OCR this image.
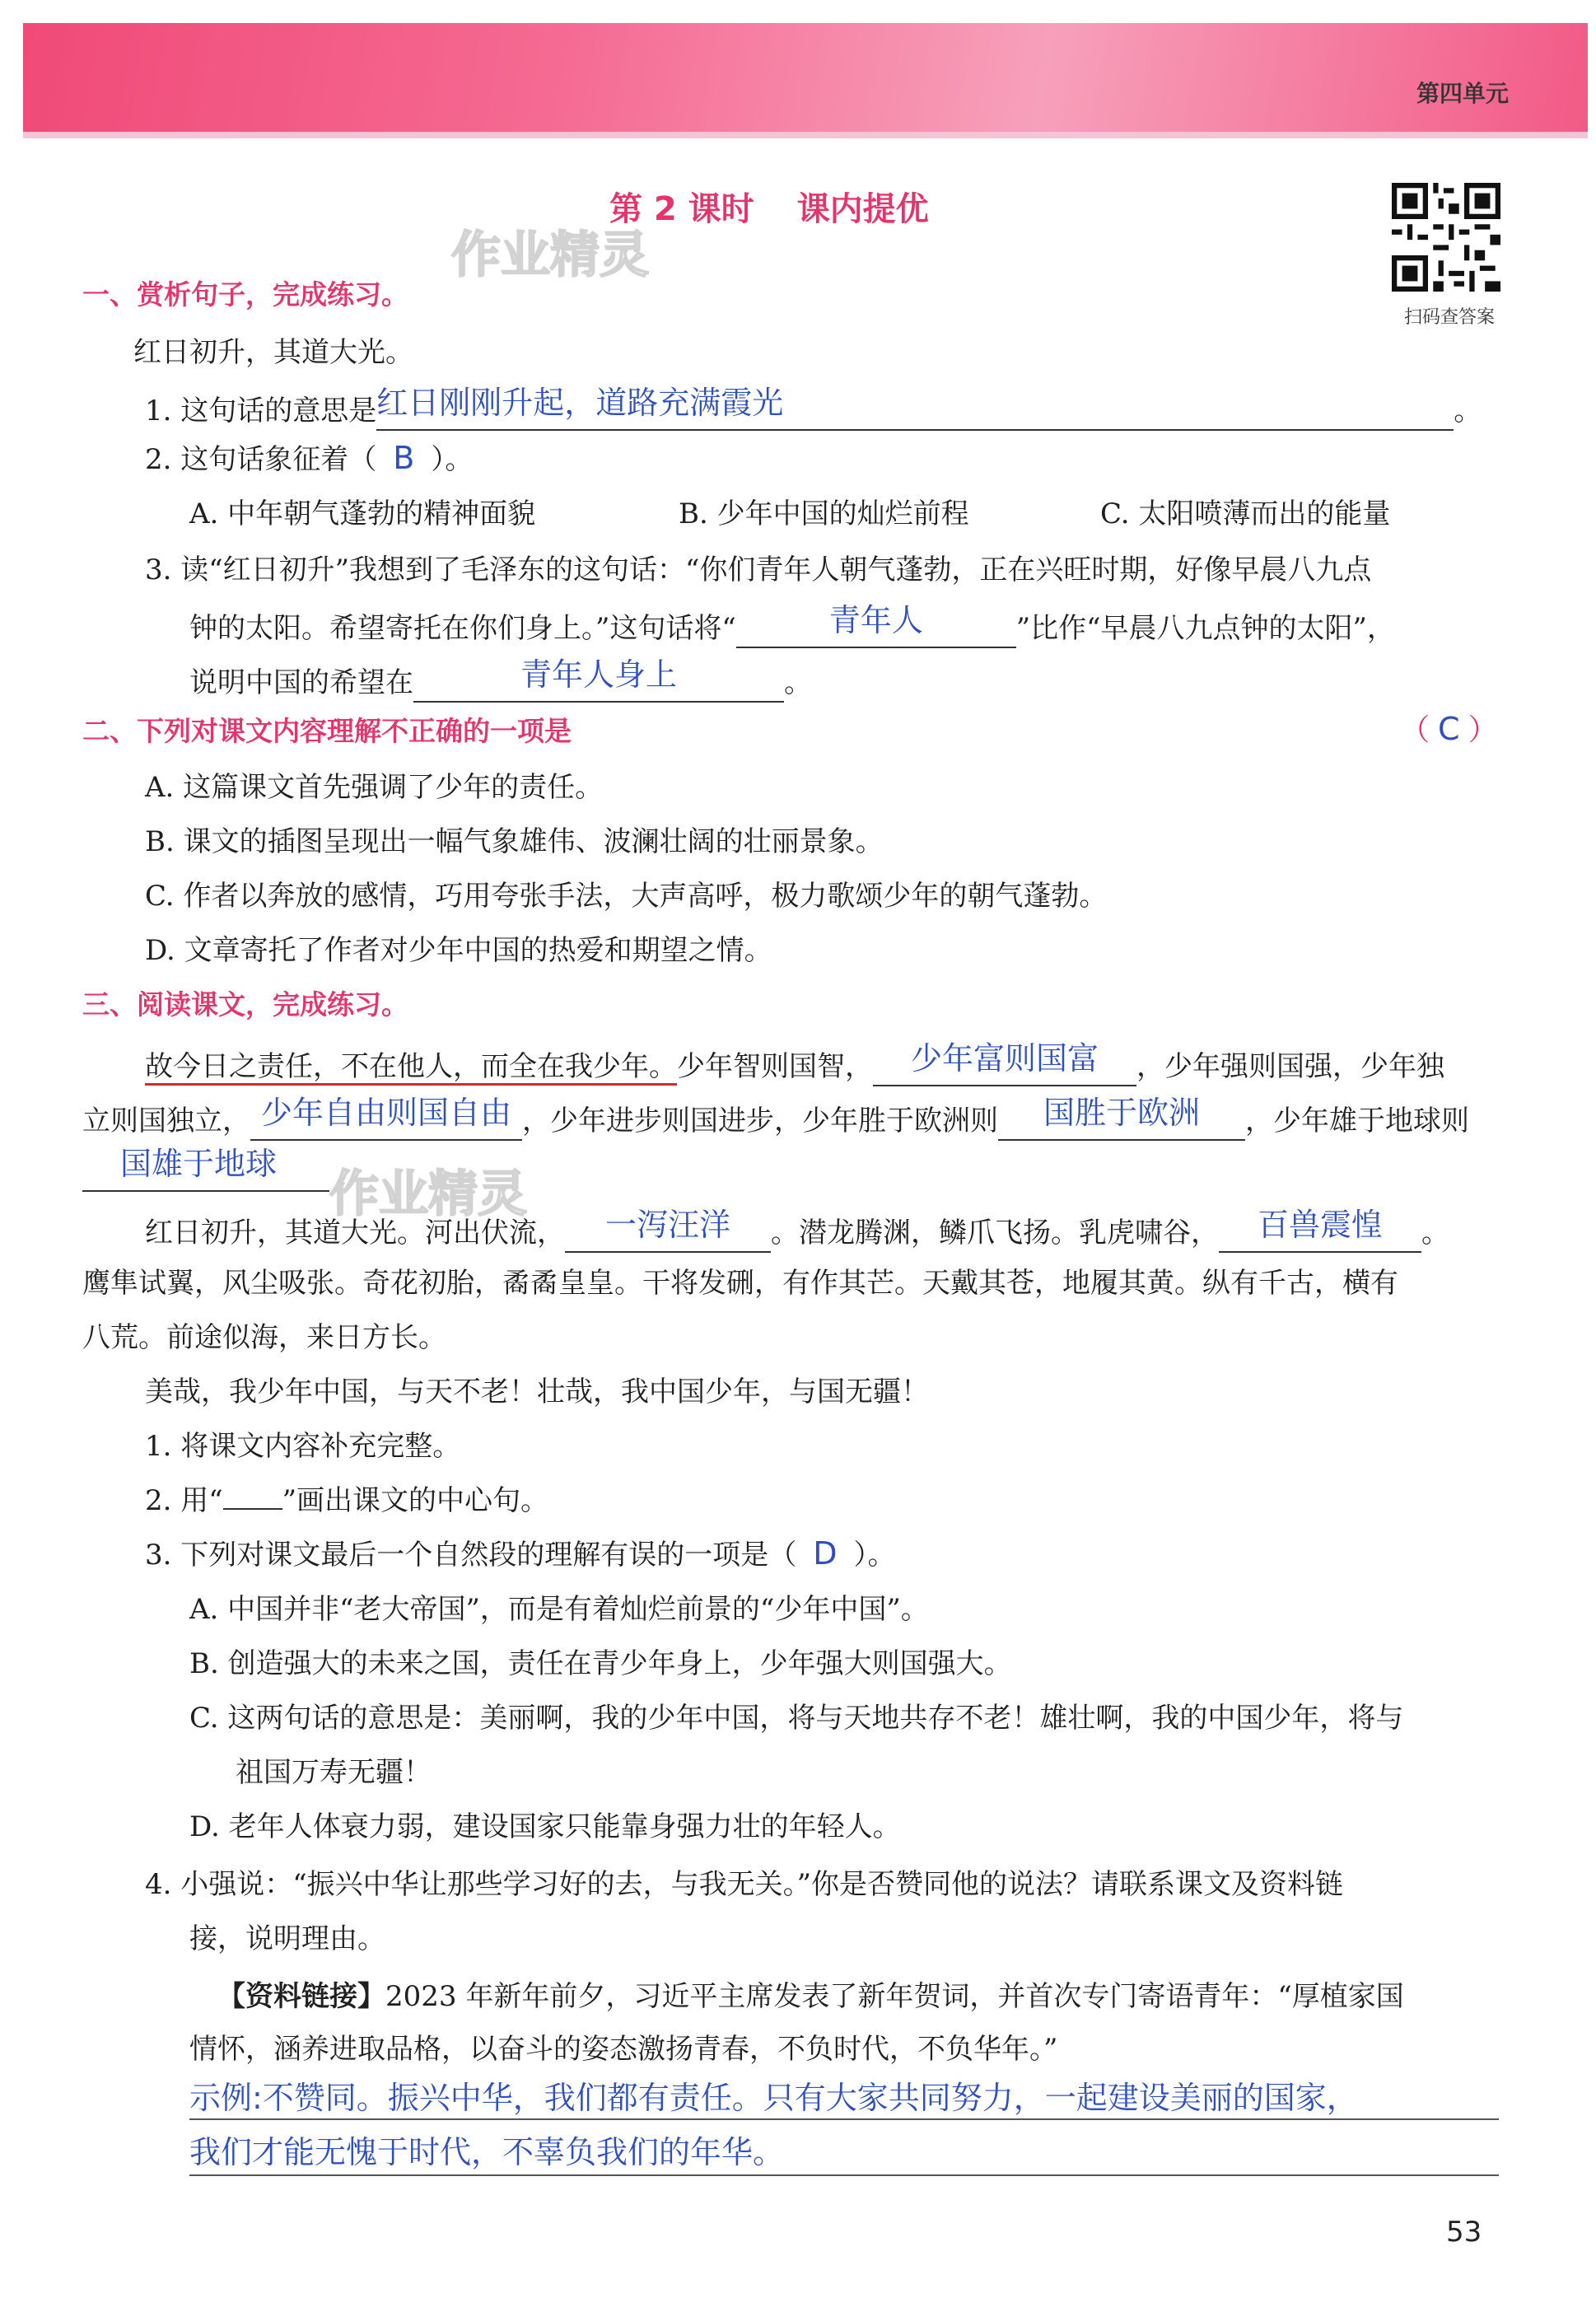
第四单元
第 2 课时 课内提优
作业精灵
作业精灵
扫码查答案
一、赏析句子，完成练习。
红日初升，其道大光。
1. 这句话的意思是红日刚刚升起，道路充满霞光	。
2. 这句话象征着（ B ）。
A. 中年朝气蓬勃的精神面貌	B. 少年中国的灿烂前程	C. 太阳喷薄而出的能量
3. 读“红日初升”我想到了毛泽东的这句话：“你们青年人朝气蓬勃，正在兴旺时期，好像早晨八九点
钟的太阳。希望寄托在你们身上。”这句话将“	青年人	”比作“早晨八九点钟的太阳”，
说明中国的希望在	青年人身上	。
二、下列对课文内容理解不正确的一项是	（ C ）
A. 这篇课文首先强调了少年的责任。
B. 课文的插图呈现出一幅气象雄伟、波澜壮阔的壮丽景象。
C. 作者以奔放的感情，巧用夸张手法，大声高呼，极力歌颂少年的朝气蓬勃。
D. 文章寄托了作者对少年中国的热爱和期望之情。
三、阅读课文，完成练习。
故今日之责任，不在他人，而全在我少年。少年智则国智， 少年富则国富 ，少年强则国强，少年独
立则国独立， 少年自由则国自由 ，少年进步则国进步，少年胜于欧洲则 国胜于欧洲 ，少年雄于地球则
国雄于地球
红日初升，其道大光。河出伏流， 一泻汪洋 。潜龙腾渊，鳞爪飞扬。乳虎啸谷， 百兽震惶 。
鹰隼试翼，风尘吸张。奇花初胎，矞矞皇皇。干将发硎，有作其芒。天戴其苍，地履其黄。纵有千古，横有
八荒。前途似海，来日方长。
美哉，我少年中国，与天不老！壮哉，我中国少年，与国无疆！
1. 将课文内容补充完整。
2. 用“ ”画出课文的中心句。
3. 下列对课文最后一个自然段的理解有误的一项是（ D ）。
A. 中国并非“老大帝国”，而是有着灿烂前景的“少年中国”。
B. 创造强大的未来之国，责任在青少年身上，少年强大则国强大。
C. 这两句话的意思是：美丽啊，我的少年中国，将与天地共存不老！雄壮啊，我的中国少年，将与
祖国万寿无疆！
D. 老年人体衰力弱，建设国家只能靠身强力壮的年轻人。
4. 小强说：“振兴中华让那些学习好的去，与我无关。”你是否赞同他的说法？请联系课文及资料链
接，说明理由。
【资料链接】2023 年新年前夕，习近平主席发表了新年贺词，并首次专门寄语青年：“厚植家国
情怀，涵养进取品格，以奋斗的姿态激扬青春，不负时代，不负华年。”
示例:不赞同。振兴中华，我们都有责任。只有大家共同努力，一起建设美丽的国家，
我们才能无愧于时代，不辜负我们的年华。
53
